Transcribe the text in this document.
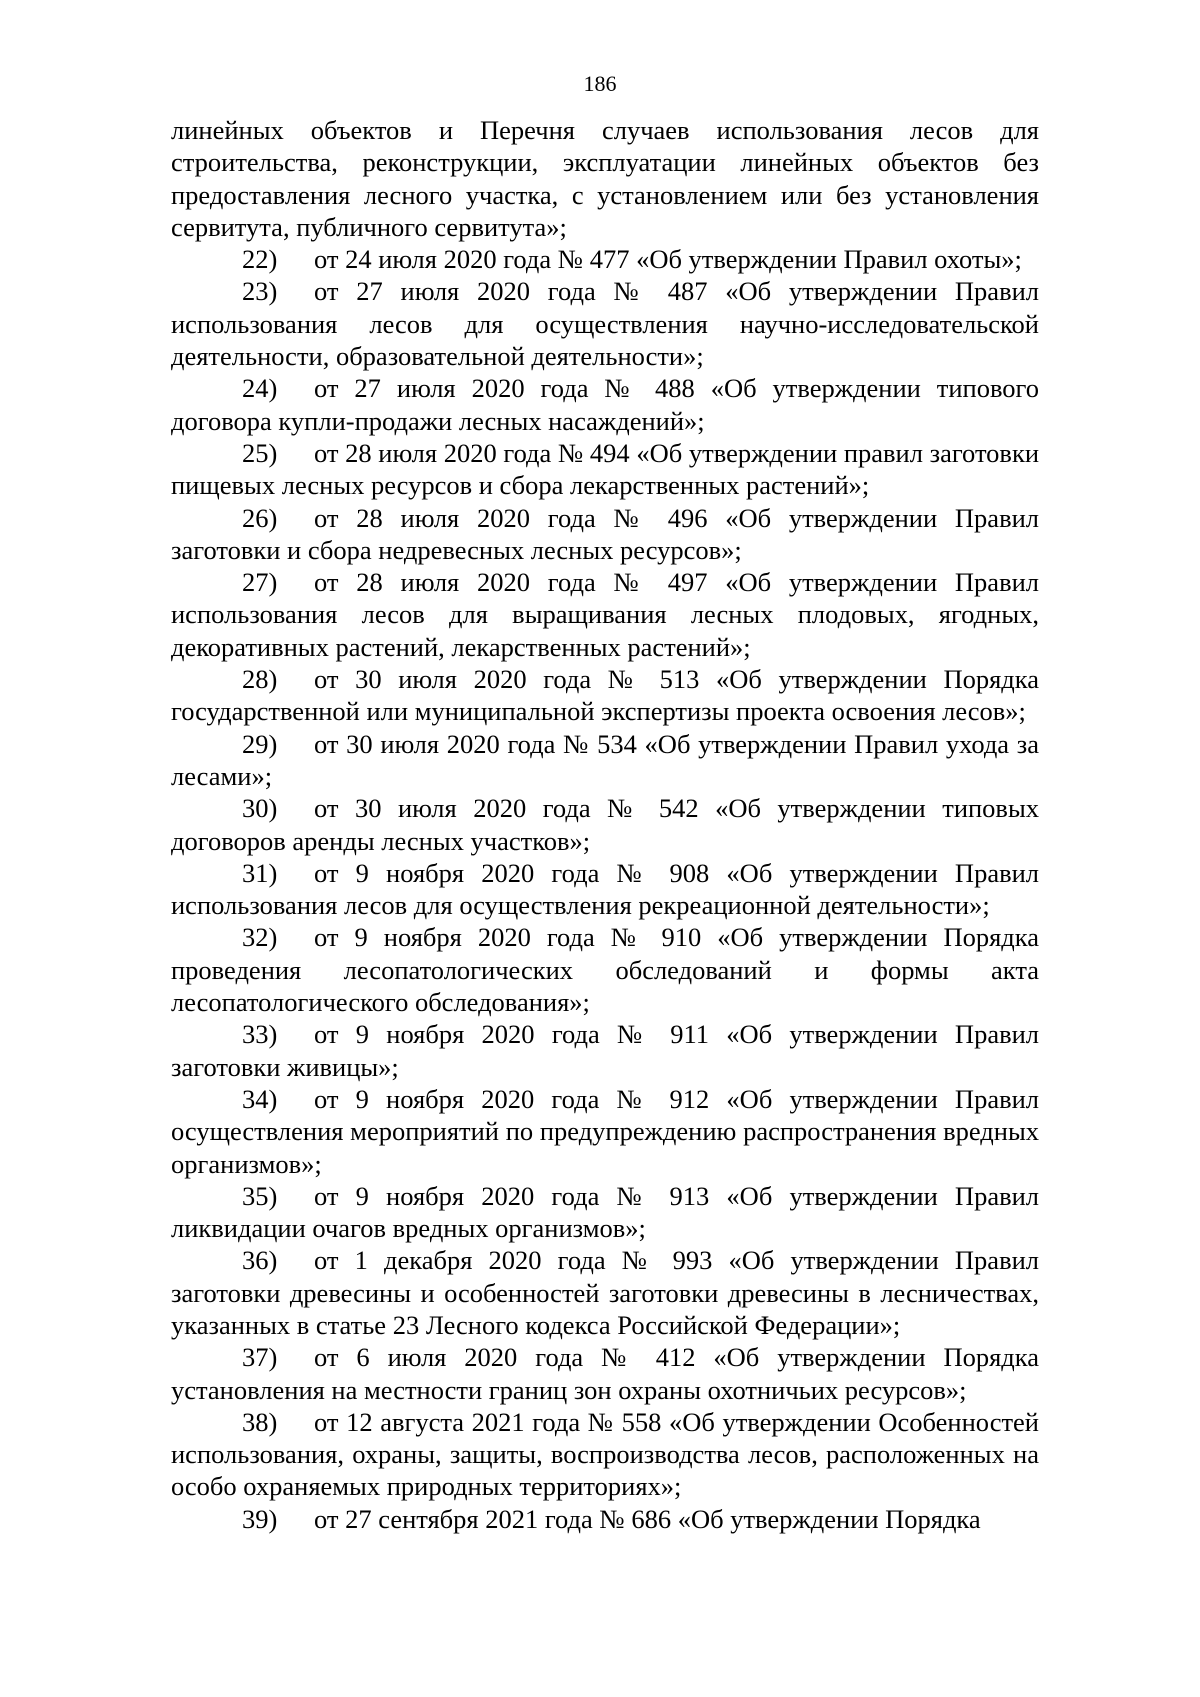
186

линейных объектов и Перечня случаев использования лесов для строительства, реконструкции, эксплуатации линейных объектов без предоставления лесного участка, с установлением или без установления сервитута, публичного сервитута»;

22) от 24 июля 2020 года № 477 «Об утверждении Правил охоты»;

23) от 27 июля 2020 года № 487 «Об утверждении Правил использования лесов для осуществления научно-исследовательской деятельности, образовательной деятельности»;

24) от 27 июля 2020 года № 488 «Об утверждении типового договора купли-продажи лесных насаждений»;

25) от 28 июля 2020 года № 494 «Об утверждении правил заготовки пищевых лесных ресурсов и сбора лекарственных растений»;

26) от 28 июля 2020 года № 496 «Об утверждении Правил заготовки и сбора недревесных лесных ресурсов»;

27) от 28 июля 2020 года № 497 «Об утверждении Правил использования лесов для выращивания лесных плодовых, ягодных, декоративных растений, лекарственных растений»;

28) от 30 июля 2020 года № 513 «Об утверждении Порядка государственной или муниципальной экспертизы проекта освоения лесов»;

29) от 30 июля 2020 года № 534 «Об утверждении Правил ухода за лесами»;

30) от 30 июля 2020 года № 542 «Об утверждении типовых договоров аренды лесных участков»;

31) от 9 ноября 2020 года № 908 «Об утверждении Правил использования лесов для осуществления рекреационной деятельности»;

32) от 9 ноября 2020 года № 910 «Об утверждении Порядка проведения лесопатологических обследований и формы акта лесопатологического обследования»;

33) от 9 ноября 2020 года № 911 «Об утверждении Правил заготовки живицы»;

34) от 9 ноября 2020 года № 912 «Об утверждении Правил осуществления мероприятий по предупреждению распространения вредных организмов»;

35) от 9 ноября 2020 года № 913 «Об утверждении Правил ликвидации очагов вредных организмов»;

36) от 1 декабря 2020 года № 993 «Об утверждении Правил заготовки древесины и особенностей заготовки древесины в лесничествах, указанных в статье 23 Лесного кодекса Российской Федерации»;

37) от 6 июля 2020 года № 412 «Об утверждении Порядка установления на местности границ зон охраны охотничьих ресурсов»;

38) от 12 августа 2021 года № 558 «Об утверждении Особенностей использования, охраны, защиты, воспроизводства лесов, расположенных на особо охраняемых природных территориях»;

39) от 27 сентября 2021 года № 686 «Об утверждении Порядка
